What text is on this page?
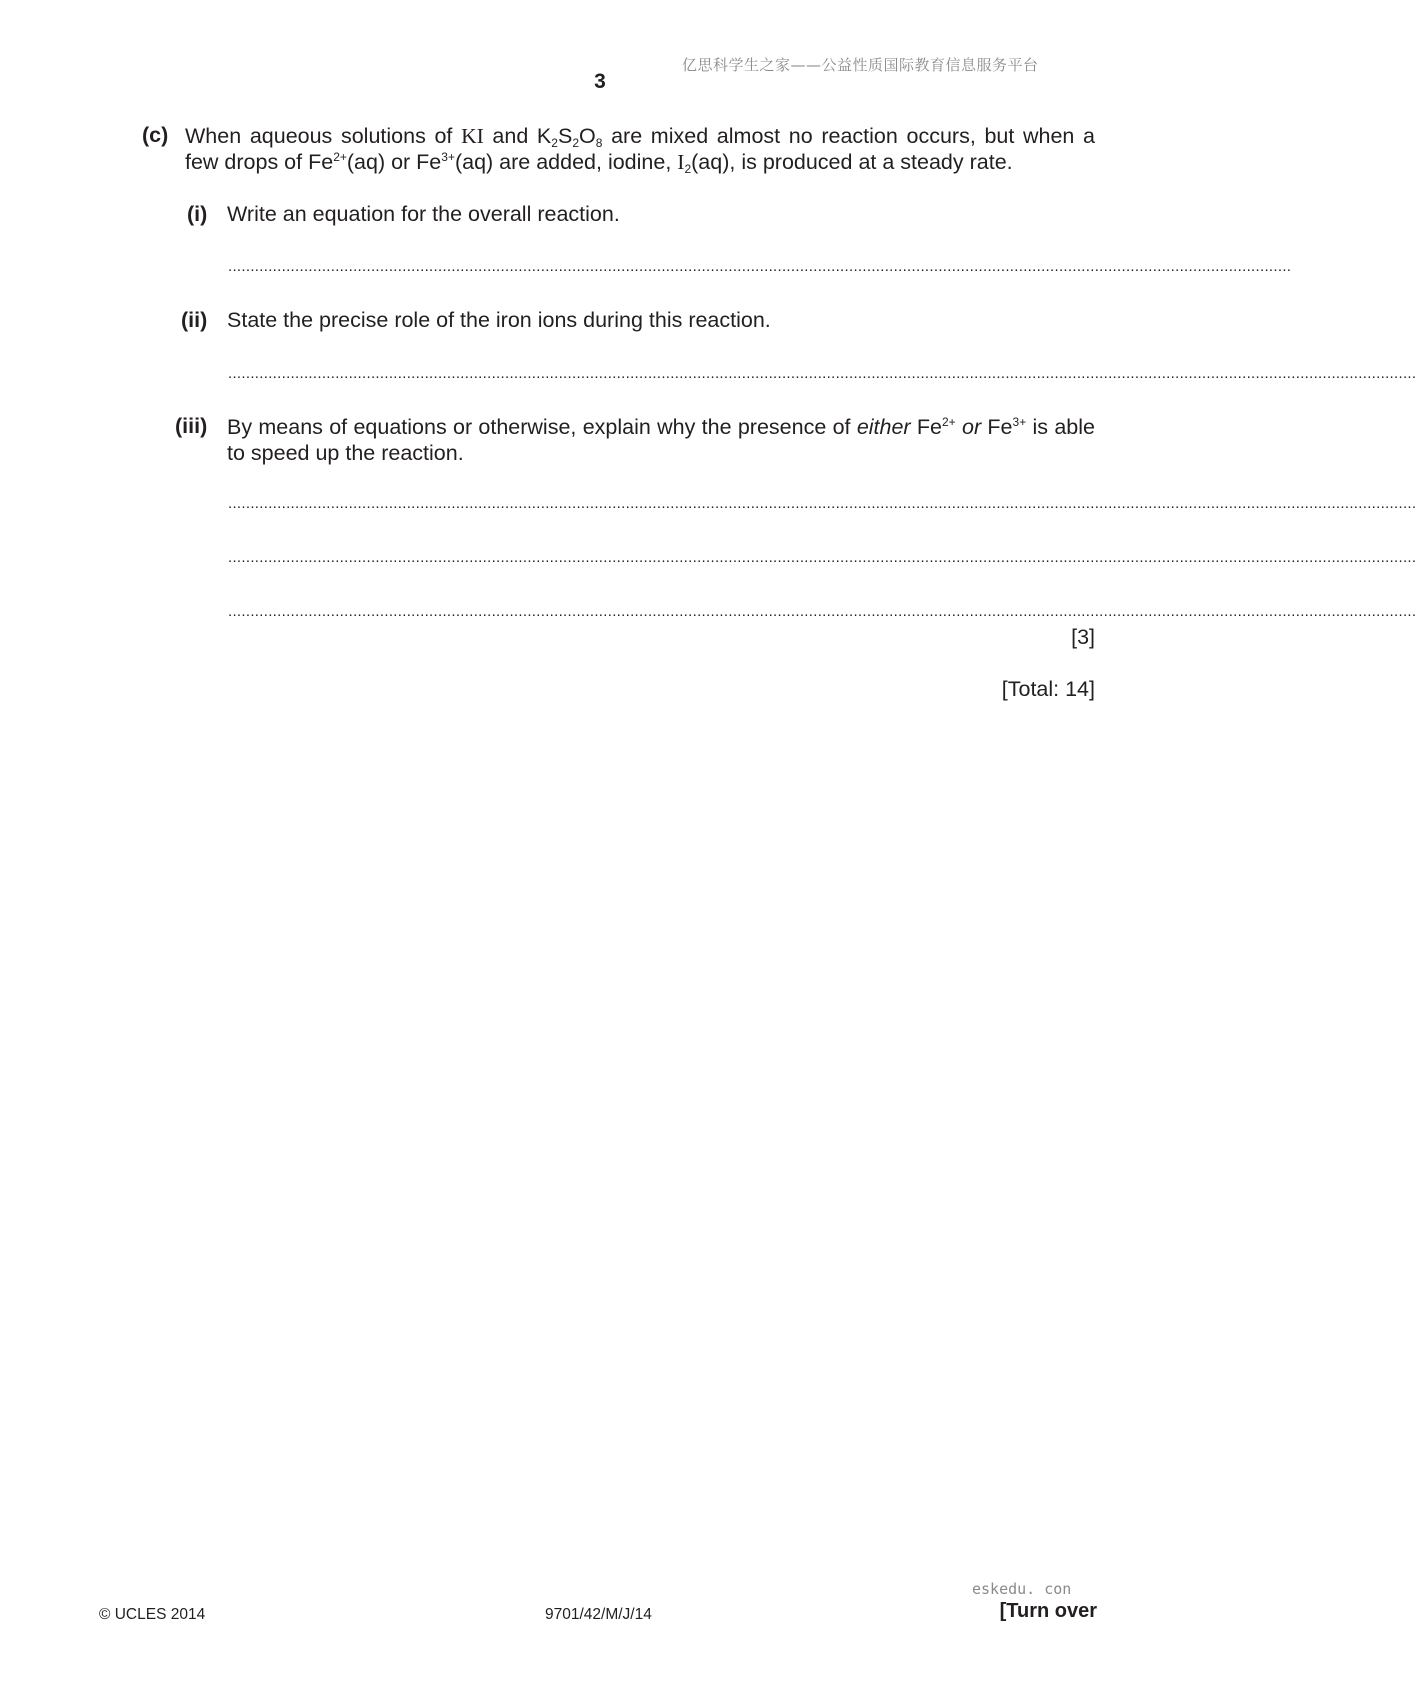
亿思科学生之家——公益性质国际教育信息服务平台
3
(c) When aqueous solutions of KI and $K_2S_2O_8$ are mixed almost no reaction occurs, but when a
few drops of $Fe^{2+}(aq)$ or $Fe^{3+}(aq)$ are added, iodine, $I_2(aq)$, is produced at a steady rate.
(i) Write an equation for the overall reaction.
..............................................................................................................................................................................................................................................
(ii) State the precise role of the iron ions during this reaction.
..........................................................................................................................................................................................................................................................................
(iii) By means of equations or otherwise, explain why the presence of either $Fe^{2+}$ or $Fe^{3+}$ is able
to speed up the reaction.
..........................................................................................................................................................................................................................................................................
..........................................................................................................................................................................................................................................................................
..........................................................................................................................................................................................................................................................................
[3]
[Total: 14]
eskedu. con
© UCLES 2014	9701/42/M/J/14	[Turn over
